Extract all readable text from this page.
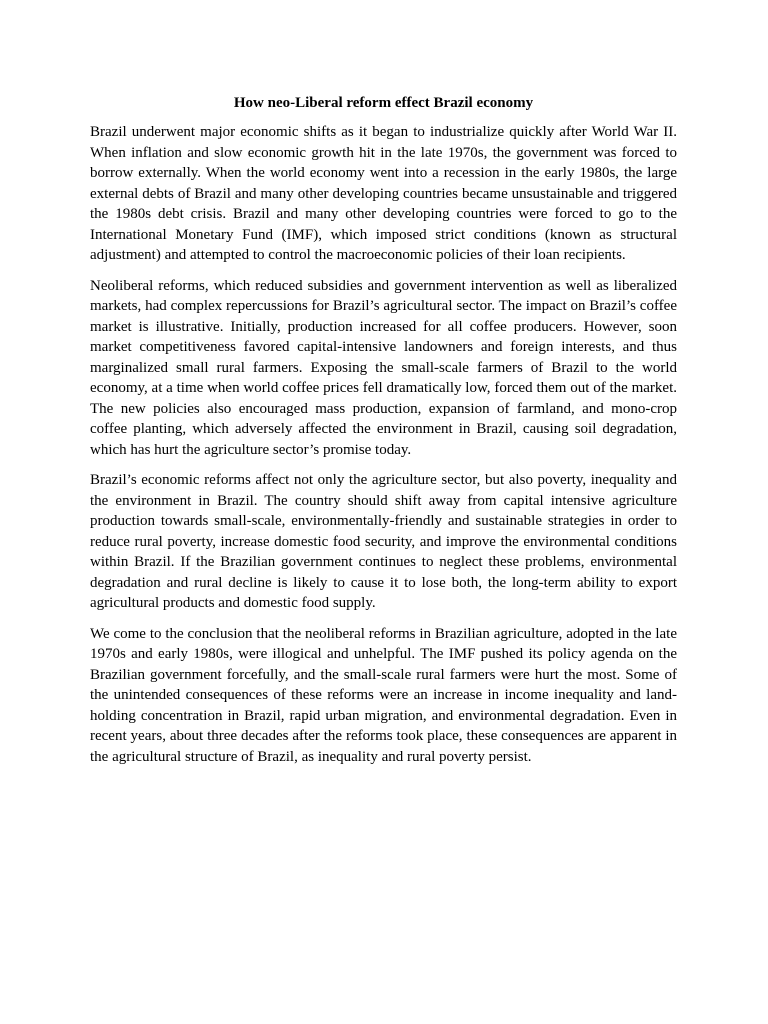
How neo-Liberal reform effect Brazil economy

Brazil underwent major economic shifts as it began to industrialize quickly after World War II. When inflation and slow economic growth hit in the late 1970s, the government was forced to borrow externally. When the world economy went into a recession in the early 1980s, the large external debts of Brazil and many other developing countries became unsustainable and triggered the 1980s debt crisis. Brazil and many other developing countries were forced to go to the International Monetary Fund (IMF), which imposed strict conditions (known as structural adjustment) and attempted to control the macroeconomic policies of their loan recipients.

Neoliberal reforms, which reduced subsidies and government intervention as well as liberalized markets, had complex repercussions for Brazil’s agricultural sector. The impact on Brazil’s coffee market is illustrative. Initially, production increased for all coffee producers. However, soon market competitiveness favored capital-intensive landowners and foreign interests, and thus marginalized small rural farmers. Exposing the small-scale farmers of Brazil to the world economy, at a time when world coffee prices fell dramatically low, forced them out of the market. The new policies also encouraged mass production, expansion of farmland, and mono-crop coffee planting, which adversely affected the environment in Brazil, causing soil degradation, which has hurt the agriculture sector’s promise today.

Brazil’s economic reforms affect not only the agriculture sector, but also poverty, inequality and the environment in Brazil. The country should shift away from capital intensive agriculture production towards small-scale, environmentally-friendly and sustainable strategies in order to reduce rural poverty, increase domestic food security, and improve the environmental conditions within Brazil. If the Brazilian government continues to neglect these problems, environmental degradation and rural decline is likely to cause it to lose both, the long-term ability to export agricultural products and domestic food supply.

We come to the conclusion that the neoliberal reforms in Brazilian agriculture, adopted in the late 1970s and early 1980s, were illogical and unhelpful. The IMF pushed its policy agenda on the Brazilian government forcefully, and the small-scale rural farmers were hurt the most. Some of the unintended consequences of these reforms were an increase in income inequality and land-holding concentration in Brazil, rapid urban migration, and environmental degradation. Even in recent years, about three decades after the reforms took place, these consequences are apparent in the agricultural structure of Brazil, as inequality and rural poverty persist.
